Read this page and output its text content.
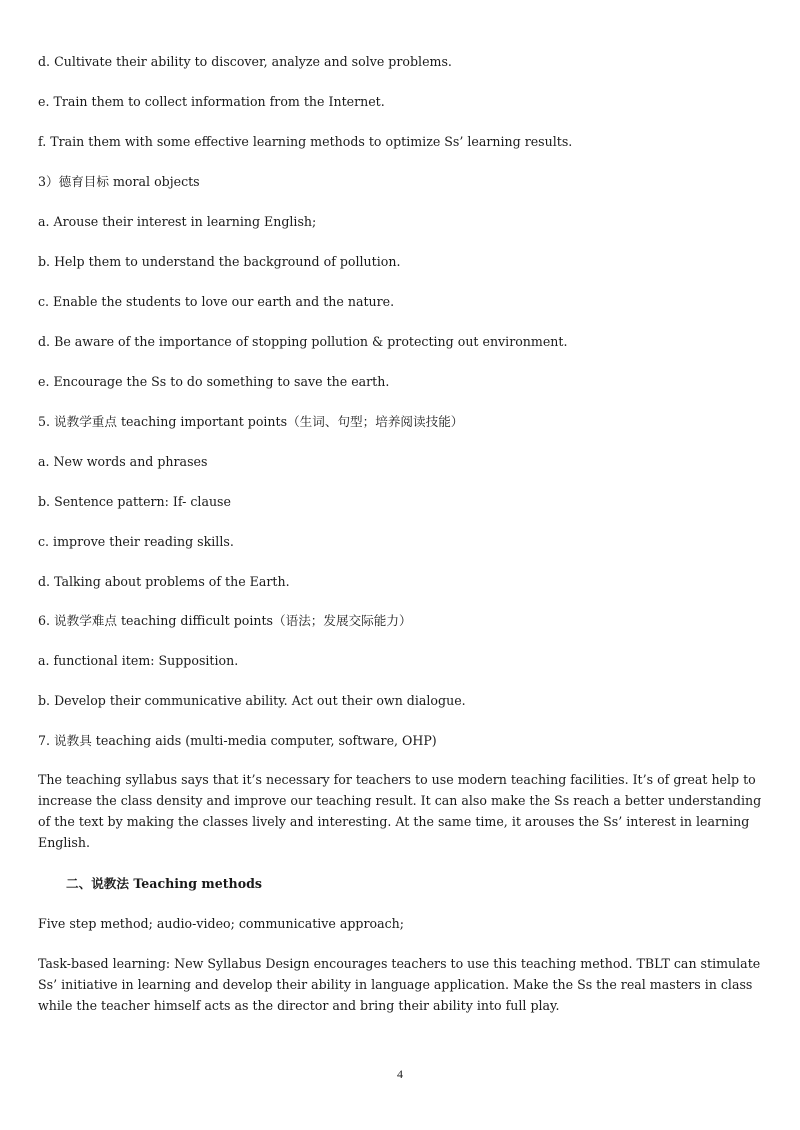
d. Cultivate their ability to discover, analyze and solve problems.
e. Train them to collect information from the Internet.
f. Train them with some effective learning methods to optimize Ss’ learning results.
3）德育目标 moral objects
a. Arouse their interest in learning English;
b. Help them to understand the background of pollution.
c. Enable the students to love our earth and the nature.
d. Be aware of the importance of stopping pollution & protecting out environment.
e. Encourage the Ss to do something to save the earth.
5. 说教学重点 teaching important points（生词、句型；培养阅读技能）
a. New words and phrases
b. Sentence pattern: If- clause
c. improve their reading skills.
d. Talking about problems of the Earth.
6. 说教学难点 teaching difficult points（语法；发展交际能力）
a. functional item: Supposition.
b. Develop their communicative ability. Act out their own dialogue.
7. 说教具 teaching aids (multi-media computer, software, OHP)
The teaching syllabus says that it’s necessary for teachers to use modern teaching facilities. It’s of great help to increase the class density and improve our teaching result. It can also make the Ss reach a better understanding of the text by making the classes lively and interesting. At the same time, it arouses the Ss’ interest in learning English.
二、说教法 Teaching methods
Five step method; audio-video; communicative approach;
Task-based learning: New Syllabus Design encourages teachers to use this teaching method. TBLT can stimulate Ss’ initiative in learning and develop their ability in language application. Make the Ss the real masters in class while the teacher himself acts as the director and bring their ability into full play.
4
